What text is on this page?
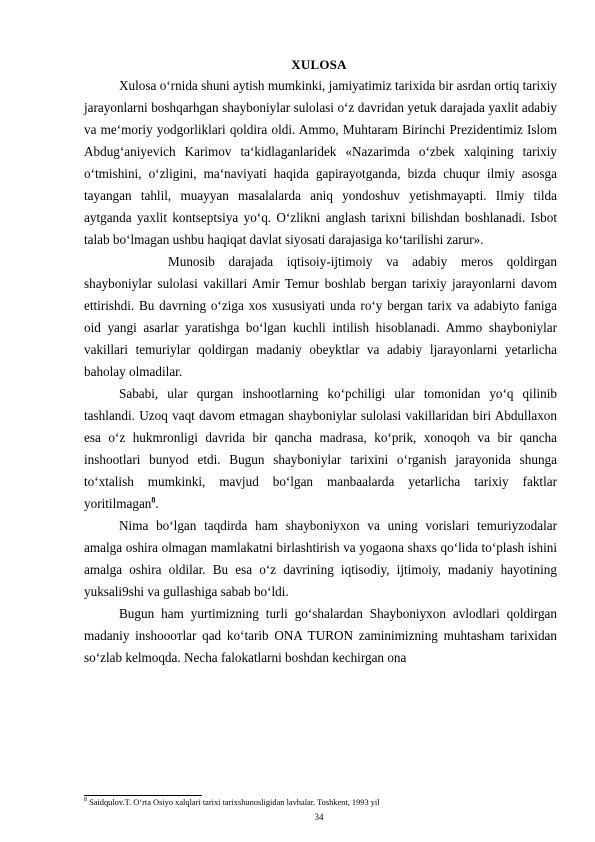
XULOSA

Xulosa oʻrnida shuni aytish mumkinki, jamiyatimiz tarixida bir asrdan ortiq tarixiy jarayonlarni boshqarhgan shayboniylar sulolasi oʻz davridan yetuk darajada yaxlit adabiy va meʻmoriy yodgorliklari qoldira oldi. Ammo, Muhtaram Birinchi Prezidentimiz Islom Abdugʻaniyevich Karimov taʻkidlaganlaridek «Nazarimda oʻzbek xalqining tarixiy oʻtmishini, oʻzligini, maʻnaviyati haqida gapirayotganda, bizda chuqur ilmiy asosga tayangan tahlil, muayyan masalalarda aniq yondoshuv yetishmayapti. Ilmiy tilda aytganda yaxlit kontseptsiya yoʻq. Oʻzlikni anglash tarixni bilishdan boshlanadi. Isbot talab boʻlmagan ushbu haqiqat davlat siyosati darajasiga koʻtarilishi zarur».

Munosib darajada iqtisoiy-ijtimoiy va adabiy meros qoldirgan shayboniylar sulolasi vakillari Amir Temur boshlab bergan tarixiy jarayonlarni davom ettirishdi. Bu davrning oʻziga xos xususiyati unda roʻy bergan tarix va adabiyto faniga oid yangi asarlar yaratishga boʻlgan kuchli intilish hisoblanadi. Ammo shayboniylar vakillari temuriylar qoldirgan madaniy obeyktlar va adabiy ljarayonlarni yetarlicha baholay olmadilar.

Sababi, ular qurgan inshootlarning koʻpchiligi ular tomonidan yoʻq qilinib tashlandi. Uzoq vaqt davom etmagan shayboniylar sulolasi vakillaridan biri Abdullaxon esa oʻz hukmronligi davrida bir qancha madrasa, koʻprik, xonoqoh va bir qancha inshootlari bunyod etdi. Bugun shayboniylar tarixini oʻrganish jarayonida shunga toʻxtalish mumkinki, mavjud boʻlgan manbaalarda yetarlicha tarixiy faktlar yoritilmagan$^8$.

Nima boʻlgan taqdirda ham shayboniyxon va uning vorislari temuriyzodalar amalga oshira olmagan mamlakatni birlashtirish va yogaona shaxs qoʻlida toʻplash ishini amalga oshira oldilar. Bu esa oʻz davrining iqtisodiy, ijtimoiy, madaniy hayotining yuksali9shi va gullashiga sabab boʻldi.

Bugun ham yurtimizning turli goʻshalardan Shayboniyxon avlodlari qoldirgan madaniy inshooотlar qad koʻtarib ONA TURON zaminimizning muhtasham tarixidan soʻzlab kelmoqda. Necha falokatlarni boshdan kechirgan ona

$^8$ Saidqulov.T. Oʻrta Osiyo xalqlari tarixi tarixshunosligidan lavhalar. Toshkent, 1993 yil
34
